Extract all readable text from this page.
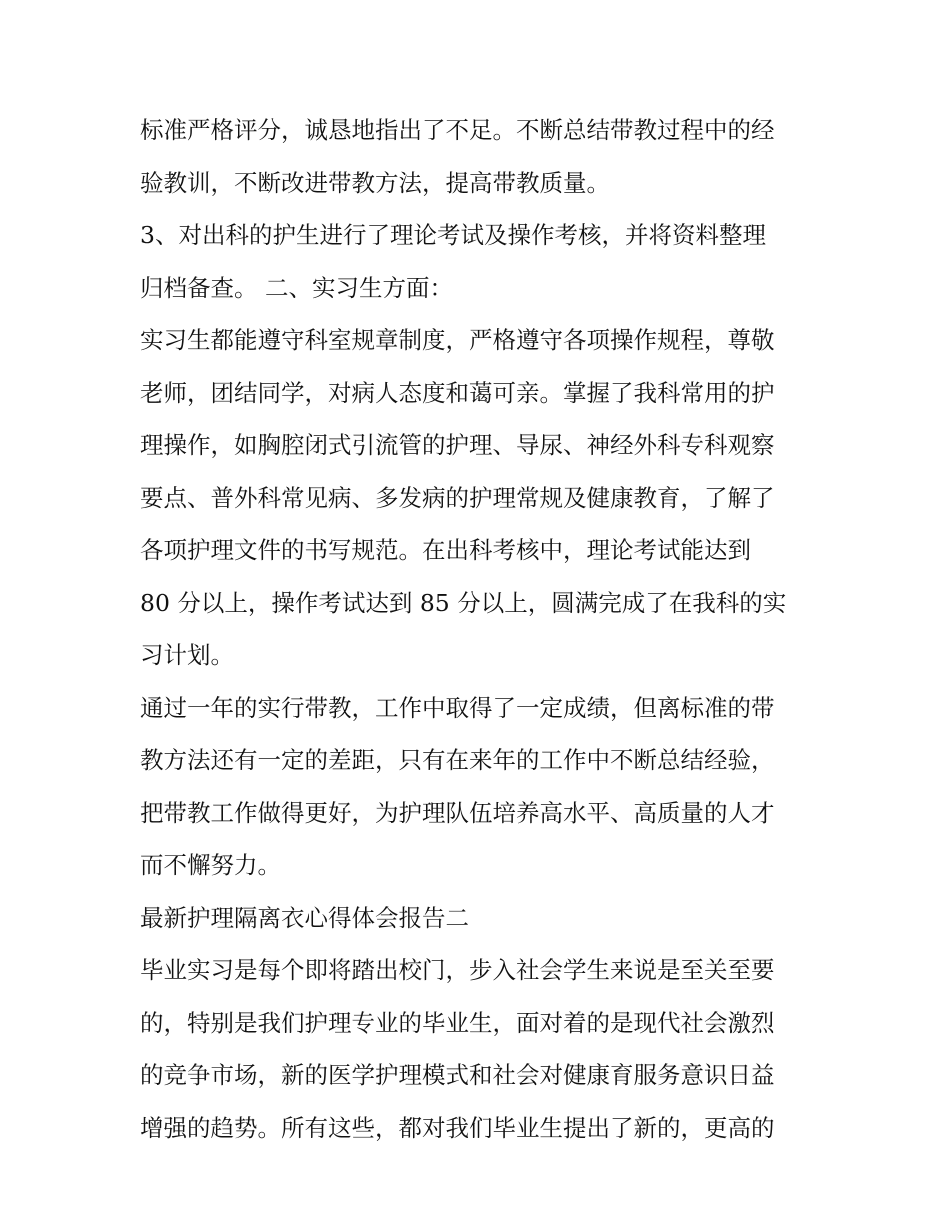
标准严格评分，诚恳地指出了不足。不断总结带教过程中的经
验教训，不断改进带教方法，提高带教质量。
3、对出科的护生进行了理论考试及操作考核，并将资料整理
归档备查。 二、实习生方面：
实习生都能遵守科室规章制度，严格遵守各项操作规程，尊敬
老师，团结同学，对病人态度和蔼可亲。掌握了我科常用的护
理操作，如胸腔闭式引流管的护理、导尿、神经外科专科观察
要点、普外科常见病、多发病的护理常规及健康教育，了解了
各项护理文件的书写规范。在出科考核中，理论考试能达到
80 分以上，操作考试达到 85 分以上，圆满完成了在我科的实
习计划。
通过一年的实行带教，工作中取得了一定成绩，但离标准的带
教方法还有一定的差距，只有在来年的工作中不断总结经验，
把带教工作做得更好，为护理队伍培养高水平、高质量的人才
而不懈努力。
最新护理隔离衣心得体会报告二
毕业实习是每个即将踏出校门，步入社会学生来说是至关至要
的，特别是我们护理专业的毕业生，面对着的是现代社会激烈
的竞争市场，新的医学护理模式和社会对健康育服务意识日益
增强的趋势。所有这些，都对我们毕业生提出了新的，更高的
